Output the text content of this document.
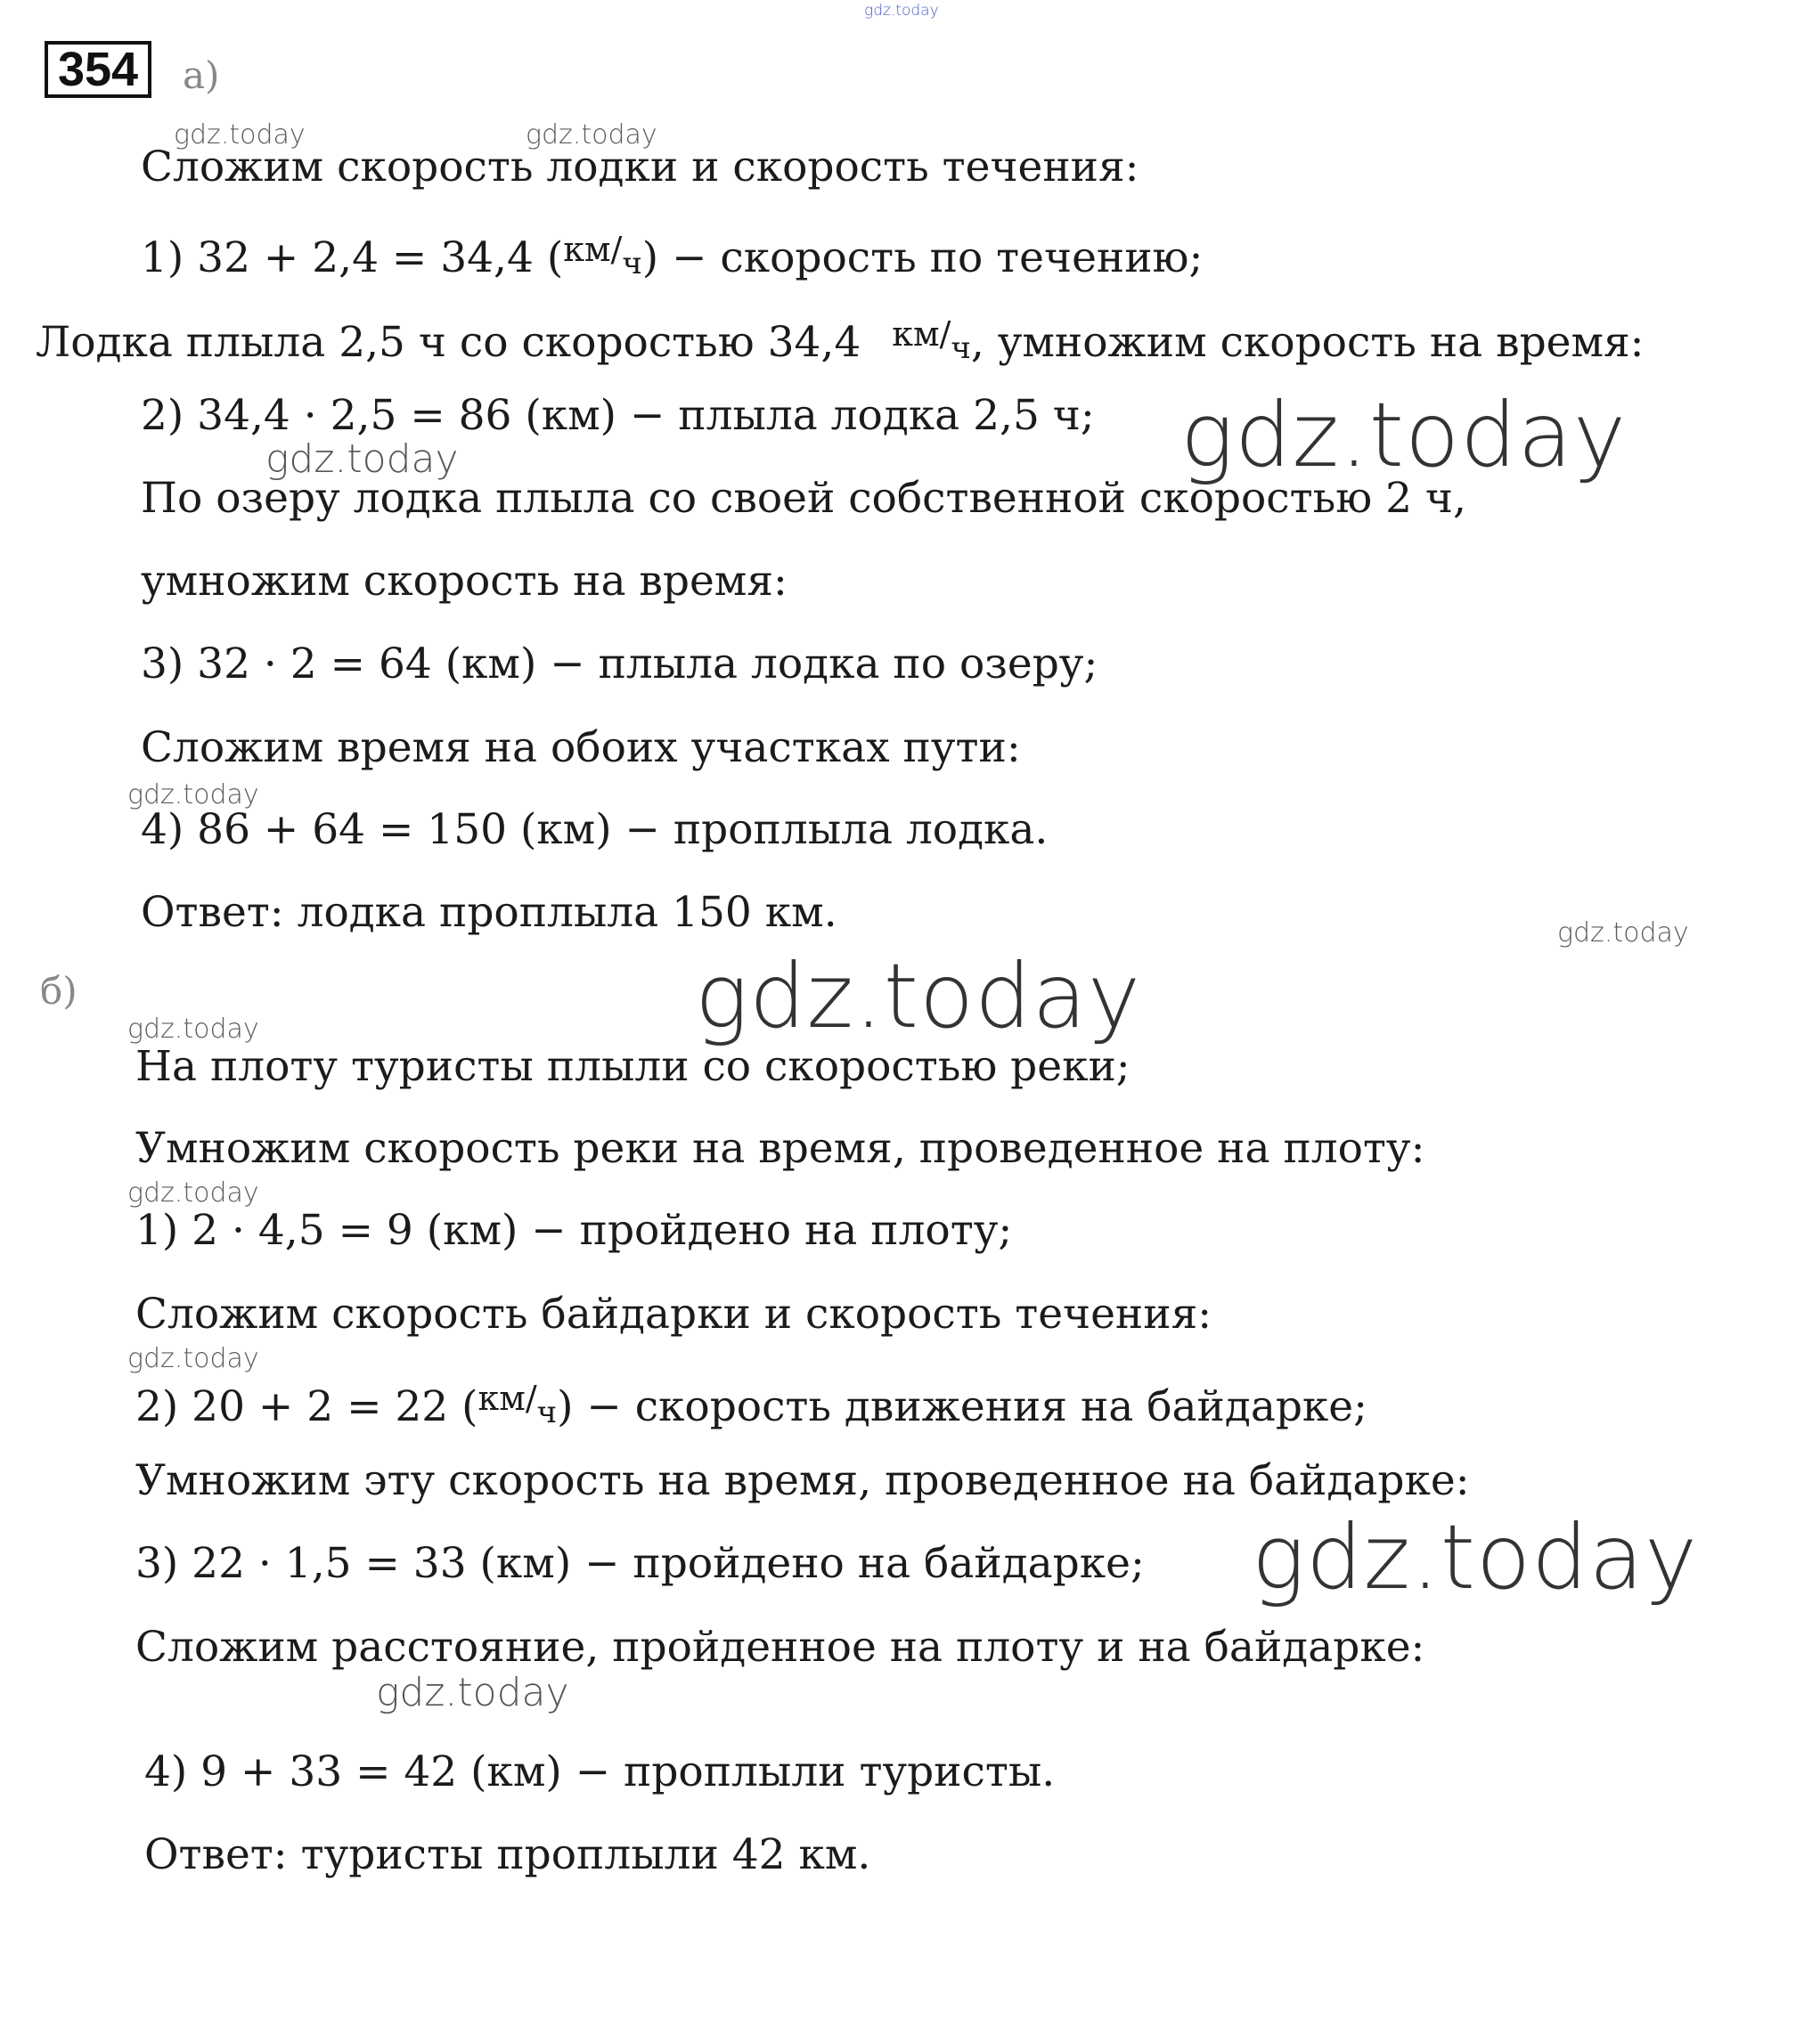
354	а)
Сложим скорость лодки и скорость течения:
1) 32 + 2,4 = 34,4 (км/ч) − скорость по течению;
Лодка плыла 2,5 ч со скоростью 34,4 км/ч, умножим скорость на время:
2) 34,4 · 2,5 = 86 (км) − плыла лодка 2,5 ч;
По озеру лодка плыла со своей собственной скоростью 2 ч,
умножим скорость на время:
3) 32 · 2 = 64 (км) − плыла лодка по озеру;
Сложим время на обоих участках пути:
4) 86 + 64 = 150 (км) − проплыла лодка.
Ответ: лодка проплыла 150 км.
б)
На плоту туристы плыли со скоростью реки;
Умножим скорость реки на время, проведенное на плоту:
1) 2 · 4,5 = 9 (км) − пройдено на плоту;
Сложим скорость байдарки и скорость течения:
2) 20 + 2 = 22 (км/ч) − скорость движения на байдарке;
Умножим эту скорость на время, проведенное на байдарке:
3) 22 · 1,5 = 33 (км) − пройдено на байдарке;
Сложим расстояние, пройденное на плоту и на байдарке:
4) 9 + 33 = 42 (км) − проплыли туристы.
Ответ: туристы проплыли 42 км.
gdz.today
gdz.today	gdz.today
gdz.today
gdz.today
gdz.today
gdz.today
gdz.today
gdz.today
gdz.today
gdz.today
gdz.today
gdz.today
